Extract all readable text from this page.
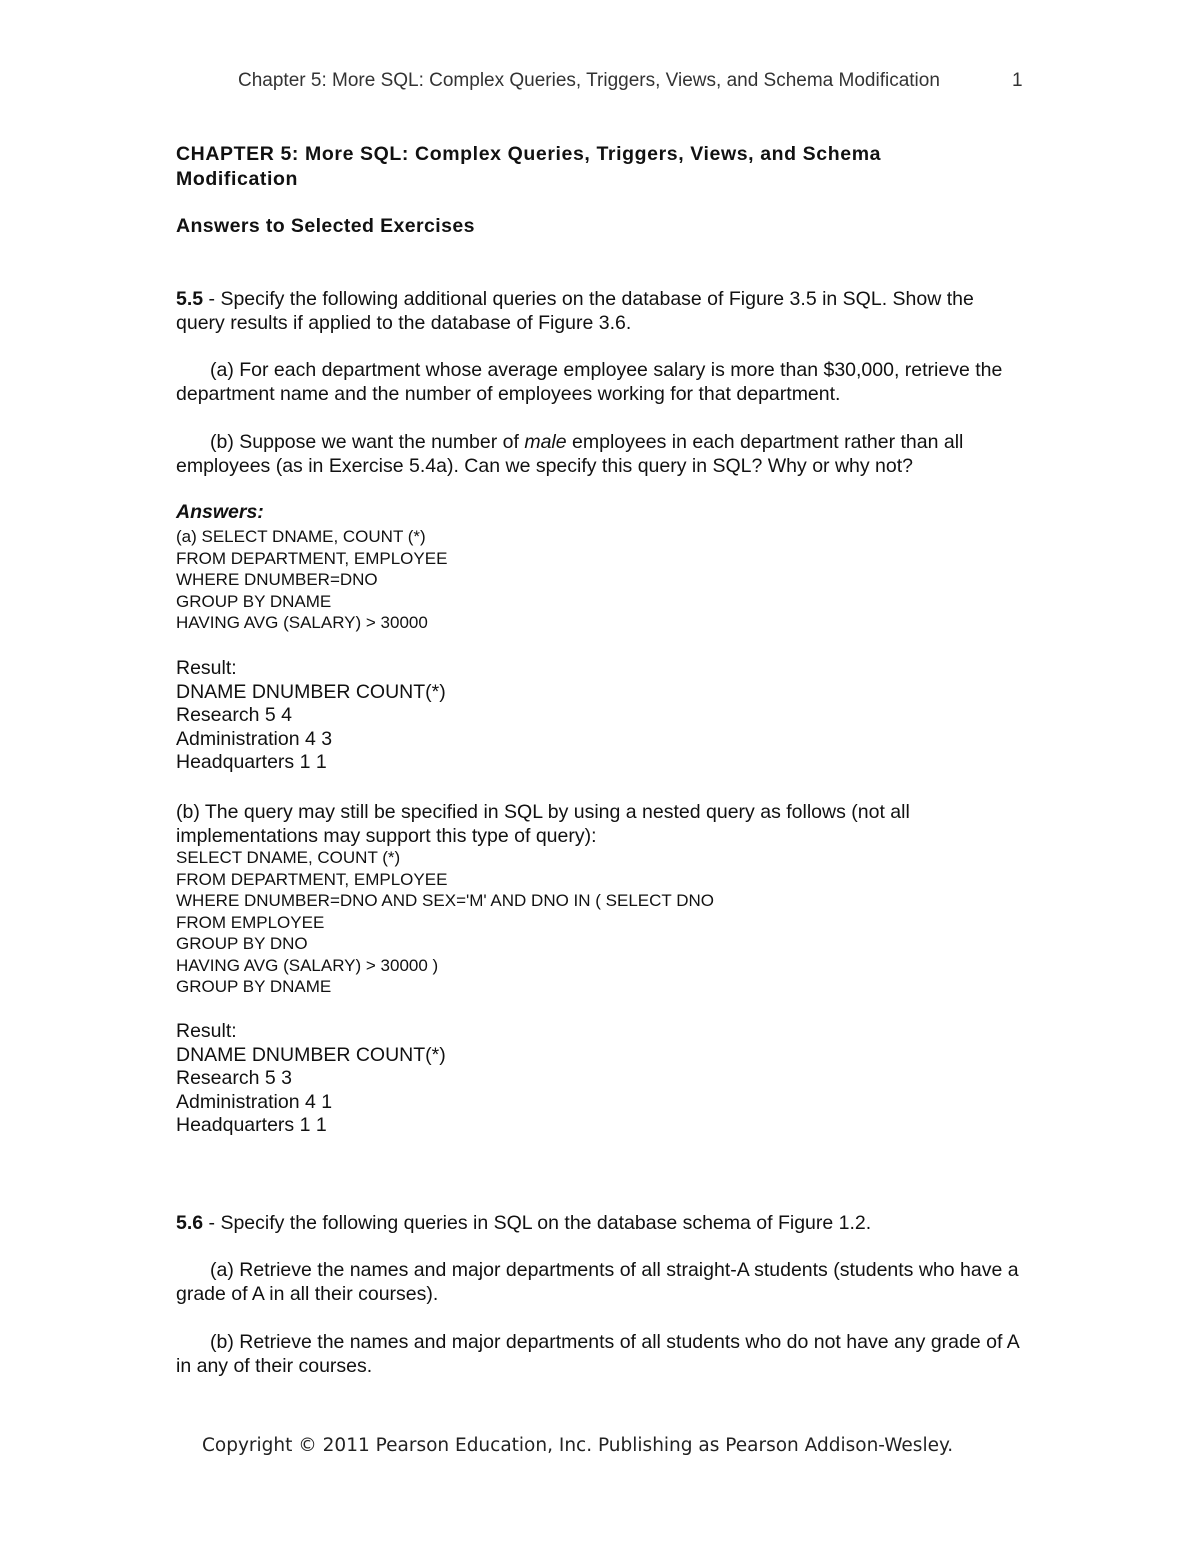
Chapter 5: More SQL: Complex Queries, Triggers, Views, and Schema Modification	1
CHAPTER 5: More SQL: Complex Queries, Triggers, Views, and Schema Modification
Answers to Selected Exercises
5.5 - Specify the following additional queries on the database of Figure 3.5 in SQL. Show the query results if applied to the database of Figure 3.6.
(a) For each department whose average employee salary is more than $30,000, retrieve the department name and the number of employees working for that department.
(b) Suppose we want the number of male employees in each department rather than all employees (as in Exercise 5.4a). Can we specify this query in SQL? Why or why not?
Answers:
(a) SELECT DNAME, COUNT (*)
FROM DEPARTMENT, EMPLOYEE
WHERE DNUMBER=DNO
GROUP BY DNAME
HAVING AVG (SALARY) > 30000
Result:
DNAME DNUMBER COUNT(*)
Research 5 4
Administration 4 3
Headquarters 1 1
(b) The query may still be specified in SQL by using a nested query as follows (not all implementations may support this type of query):
SELECT DNAME, COUNT (*)
FROM DEPARTMENT, EMPLOYEE
WHERE DNUMBER=DNO AND SEX='M' AND DNO IN ( SELECT DNO
FROM EMPLOYEE
GROUP BY DNO
HAVING AVG (SALARY) > 30000 )
GROUP BY DNAME
Result:
DNAME DNUMBER COUNT(*)
Research 5 3
Administration 4 1
Headquarters 1 1
5.6 - Specify the following queries in SQL on the database schema of Figure 1.2.
(a) Retrieve the names and major departments of all straight-A students (students who have a grade of A in all their courses).
(b) Retrieve the names and major departments of all students who do not have any grade of A in any of their courses.
Copyright © 2011 Pearson Education, Inc. Publishing as Pearson Addison-Wesley.
